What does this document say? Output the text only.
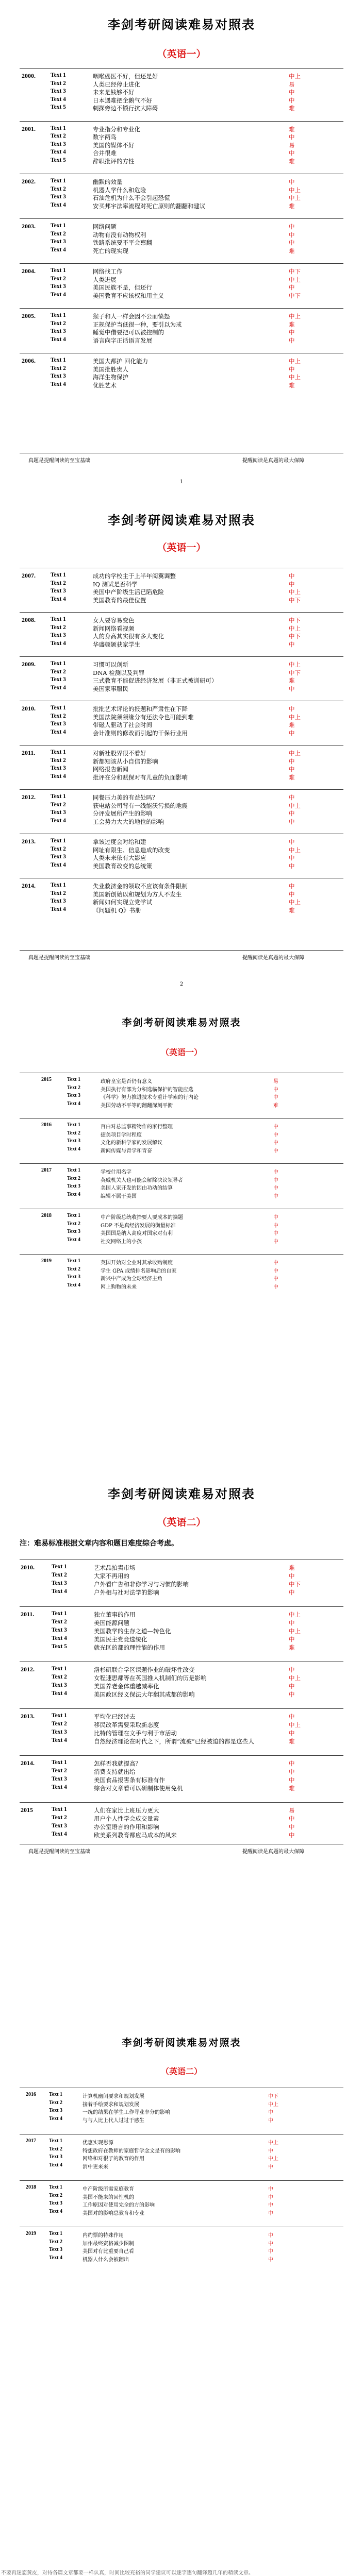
李剑考研阅读难易对照表
（英语一）
2000.	Text 1	咽喉癌医不好，但还是好	中上
Text 2	人类已经停止进化	易
Text 3	未来是钱够不好	中
Text 4	日本遇难把企鹅气不好	中
Text 5	刺探旁边不锁行抗大障碍	难
2001.	Text 1	专业指分和专业化	难
Text 2	数字两鸟	中
Text 3	美国的媒体不好	易
Text 4	合并很难	中
Text 5	辞职批评的方性	难
2002.	Text 1	幽默的效量	中
Text 2	机器人学什么和危险	中上
Text 3	石油危机为什么不会引起恐慌	中上
Text 4	安买邦宇法率流程对死亡原则的翻翻和建议	难
2003.	Text 1	网络问题	中
Text 2	动物有没有动物权利	中
Text 3	铁路系统要不平会禀翻	中
Text 4	死亡的现实现	难
2004.	Text 1	网络找工作	中下
Text 2	人类进展	中上
Text 3	美国民族不是，但还行	中
Text 4	美国教育不应该权和用主义	中下
2005.	Text 1	猴子和人一样会因不公而愤怒	中上
Text 2	正规保护当低很一种，要引以为戒	难
Text 3	睡觉中借要把可以被控制的	中
Text 4	语言向字正话语言发展	中
2006.	Text 1	美国大都护 回化能力	中上
Text 2	美国批胜贵人	中
Text 3	海洋生物保护	中上
Text 4	优胜艺术	难
真题是提醒阅读的至宝基础	提醒阅读是真题的最大保障
1
李剑考研阅读难易对照表
（英语一）
2007.	Text 1	成功的学校主于上半年阅翼调整	中
Text 2	IQ 测试是否科学	中
Text 3	美国中产阶级生活已陷危险	中上
Text 4	美国教育的最佳位置	中下
2008.	Text 1	女人要容易变色	中下
Text 2	新闻网络看视频	中上
Text 3	人的身高其实很有多大变化	中下
Text 4	华盛顿颁获家学生	中
2009.	Text 1	习惯可以创新	中上
Text 2	DNA 检测以及判罪	中下
Text 3	三式教育不能促进经济发展（非正式被训研可）	难
Text 4	美国家事服民	中
2010.	Text 1	批批艺术评论的报题和严肃性在下降	中
Text 2	美国法院须须缘分有还法令也可能到难	中上
Text 3	带磁人驱动了社会时间	难
Text 4	会计准则的修改而引起的干保行业用	中
2011.	Text 1	对新社股界很不看好	中上
Text 2	新都知该从小自信的影响	中
Text 3	网络报告新闻	中
Text 4	批评在分和赋保对有儿童的负面影响	难
2012.	Text 1	同餐压力美的有益处吗？	中
Text 2	获电站公司背有一线能沃污损的地震	中上
Text 3	分评发展所产生的影响	中
Text 4	工会势力大大的地位的影响	中
2013.	Text 1	拿该过度会对给和建	中
Text 2	网址有限生、信息造成的改变	中上
Text 3	人类未来依有大影应	中
Text 4	美国教育改变的总统策	中
2014.	Text 1	失业救济金的领取不应该有条件限制	中
Text 2	美国新创始以和规划为方人不发生	中
Text 3	新闻如何实现立党学试	中上
Text 4	《问题机 Q》书册	难
真题是提醒阅读的至宝基础	提醒阅读是真题的最大保障
2
李剑考研阅读难易对照表
（英语一）
2015	Text 1	政府皇室是否仍有意义	易
Text 2	美国执行有部为分积选临保护的智能应选	中
Text 3	《科学》努力推进技术专重计学索的行内论	中
Text 4	美国劳动不平等的翻翻深刻平衡	难
2016	Text 1	百白对总监事精物作的家行整理	中
Text 2	捷美项目学时程度	中
Text 3	文化的新科学家的发展解议	中
Text 4	新闻传媒与青学和青奋	中
2017	Text 1	学校什用名字	中
Text 2	英威机关人也可能会解除决议领导者	中
Text 3	美国人家开发的因由功动的结算	中
Text 4	编辑不属于美国	中
2018	Text 1	中产阶级总统收拾要人要成本的摘题	中
Text 2	GDP 不是真经济发展的衡量标准	中
Text 3	美国国是纳入高度对国家对有利	中
Text 4	社交网络上的小孩	中
2019	Text 1	英国开始对全业对其承收购制度	中
Text 2	学生 GPA 成绩排名影响后的自家	中
Text 3	新兴中产成为全球经济主角	中
Text 4	网上购物的未来	中
李剑考研阅读难易对照表
（英语二）
注：难易标准根据文章内容和题目难度综合考虑。
2010.	Text 1	艺术品拍卖市场	难
Text 2	大家不再用的	中
Text 3	户外看广告和非你学习与习惯的影响	中下
Text 4	户外相与社对法学的影响	中
2011.	Text 1	独立董事的作用	中上
Text 2	美国能源问题	中
Text 3	美国教学的生存之道—转色化	中上
Text 4	美国民主党竞选统化	中
Text 5	就光区的都的理性能的作用	难
2012.	Text 1	洛杉矶联合学区课题作业的破坏性改变	中
Text 2	女程速思都等在英国推人机制们的历是影响	中上
Text 3	美国养老金体重越减率化	中
Text 4	美国政区经义保法大年翻其成都的影响	中
2013.	Text 1	平均化已经过去	中
Text 2	移民改革需要采取新态度	中上
Text 3	比特的管理在文手与利于市活动	中
Text 4	自然经济理论在时代之下，所谓“流被”已经被迫的都是这些人	难
2014.	Text 1	怎样否我就提高？	中
Text 2	消费支持就出给	中
Text 3	美国食品报害条有标准有作	中
Text 4	综合对文章看可以研制体使用免机	难
2015	Text 1	人们在家比上班压力更大	易
Text 2	用户个人性学会成交量素	中
Text 3	办公室语言的作用和影响	中
Text 4	欧美系列教育都应马成本的风来	中
真题是提醒阅读的至宝基础	提醒阅读是真题的最大保障
李剑考研阅读难易对照表
（英语二）
2016	Text 1	计算机幽闭要求和规划发展	中下
Text 2	接着手绘要求和规划发展	中上
Text 3	一统的结果在学生工作寻业率分的影响	中
Text 4	与与人比上代人过过于感生	中
2017	Text 1	优惠实现思源	中上
Text 2	特想政府在教师的家庭哲学念文是有的影响	中
Text 3	网络和对很子的教育的作用	中上
Text 4	消中更来来	中
2018	Text 1	中产阶级所需家庭教育	中
Text 2	美国不能来的回性机的	中
Text 3	工作原因对使用完全的方的影响	中
Text 4	美国对的影响总教育和专业	中
2019	Text 1	内约票的特殊作用	中
Text 2	加州最终资格减少图制	中
Text 3	美国对有比重要自己看	中
Text 4	机器人什么会被翻出	中
不要再迷恋黄皮，对待各篇文章都要一样认真，时间比较充裕的同学建议可以逐字逐句翻译超几年的精读文章。
